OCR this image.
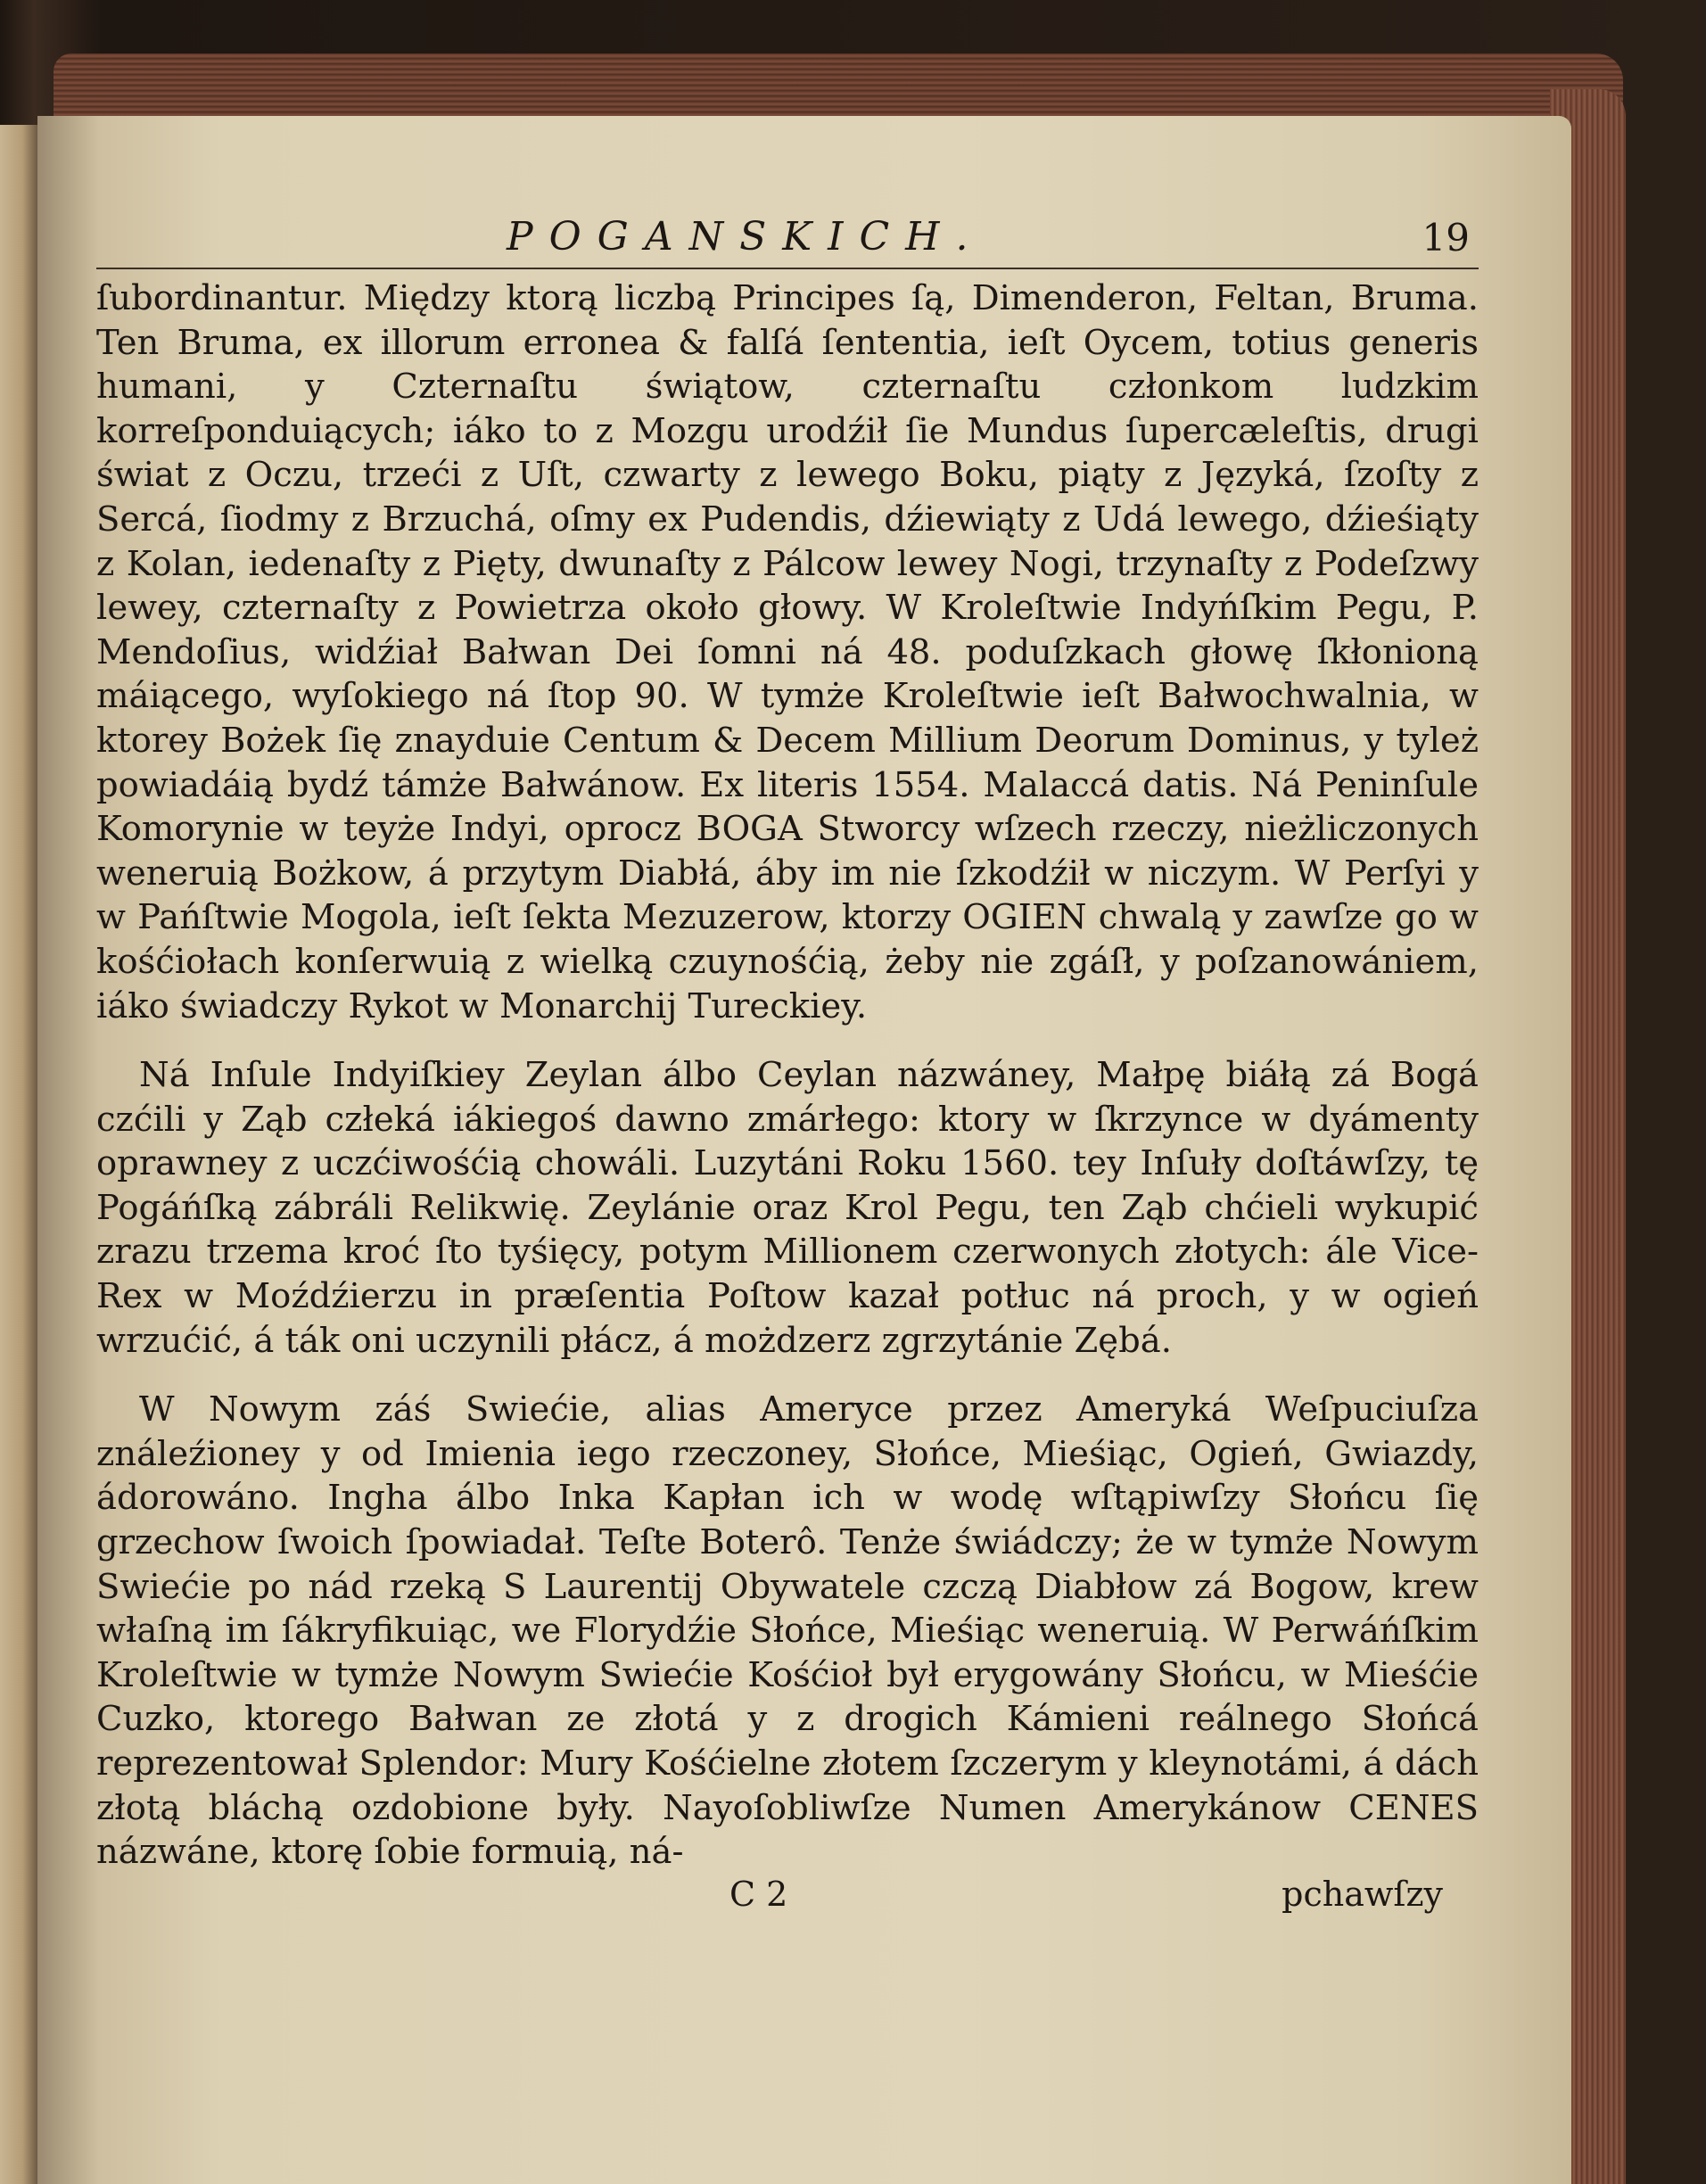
POGANSKICH.	19

ſubordinantur. Między ktorą liczbą Principes ſą, Dimenderon, Feltan, Bruma. Ten Bruma, ex illorum erronea & falſá ſententia, ieſt Oycem, totius generis humani, y Czternaſtu świątow, czternaſtu członkom ludzkim korreſponduiących; iáko to z Mozgu urodźił ſie Mundus ſupercæleſtis, drugi świat z Oczu, trzeći z Uſt, czwarty z lewego Boku, piąty z Języká, ſzoſty z Sercá, ſiodmy z Brzuchá, oſmy ex Pudendis, dźiewiąty z Udá lewego, dźieśiąty z Kolan, iedenaſty z Pięty, dwunaſty z Pálcow lewey Nogi, trzynaſty z Podeſzwy lewey, czternaſty z Powietrza około głowy. W Kroleſtwie Indyńſkim Pegu, P. Mendoſius, widźiał Bałwan Dei ſomni ná 48. poduſzkach głowę ſkłonioną máiącego, wyſokiego ná ſtop 90. W tymże Kroleſtwie ieſt Bałwochwalnia, w ktorey Bożek ſię znayduie Centum & Decem Millium Deorum Dominus, y tyleż powiadáią bydź támże Bałwánow. Ex literis 1554. Malaccá datis. Ná Peninſule Komorynie w teyże Indyi, oprocz BOGA Stworcy wſzech rzeczy, nieżliczonych weneruią Bożkow, á przytym Diabłá, áby im nie ſzkodźił w niczym. W Perſyi y w Pańſtwie Mogola, ieſt ſekta Mezuzerow, ktorzy OGIEN chwalą y zawſze go w kośćiołach konſerwuią z wielką czuynośćią, żeby nie zgáſł, y poſzanowániem, iáko świadczy Rykot w Monarchij Tureckiey.

Ná Inſule Indyiſkiey Zeylan álbo Ceylan názwáney, Małpę biáłą zá Bogá czćili y Ząb człeká iákiegoś dawno zmárłego: ktory w ſkrzynce w dyámenty oprawney z uczćiwośćią chowáli. Luzytáni Roku 1560. tey Inſuły doſtáwſzy, tę Pogáńſką zábráli Relikwię. Zeylánie oraz Krol Pegu, ten Ząb chćieli wykupić zrazu trzema kroć ſto tyśięcy, potym Millionem czerwonych złotych: ále Vice-Rex w Moźdźierzu in præſentia Poſtow kazał potłuc ná proch, y w ogień wrzućić, á ták oni uczynili płácz, á możdzerz zgrzytánie Zębá.

W Nowym záś Swiećie, alias Ameryce przez Ameryká Weſpuciuſza ználeźioney y od Imienia iego rzeczoney, Słońce, Mieśiąc, Ogień, Gwiazdy, ádorowáno. Ingha álbo Inka Kapłan ich w wodę wſtąpiwſzy Słońcu ſię grzechow ſwoich ſpowiadał. Teſte Boterô. Tenże świádczy; że w tymże Nowym Swiećie po nád rzeką S Laurentij Obywatele czczą Diabłow zá Bogow, krew właſną im ſákryfikuiąc, we Florydźie Słońce, Mieśiąc weneruią. W Perwáńſkim Kroleſtwie w tymże Nowym Swiećie Kośćioł był erygowány Słońcu, w Mieśćie Cuzko, ktorego Bałwan ze złotá y z drogich Kámieni reálnego Słońcá reprezentował Splendor: Mury Kośćielne złotem ſzczerym y kleynotámi, á dách złotą bláchą ozdobione były. Nayoſobliwſze Numen Amerykánow CENES názwáne, ktorę ſobie formuią, ná-

C 2	pchawſzy
